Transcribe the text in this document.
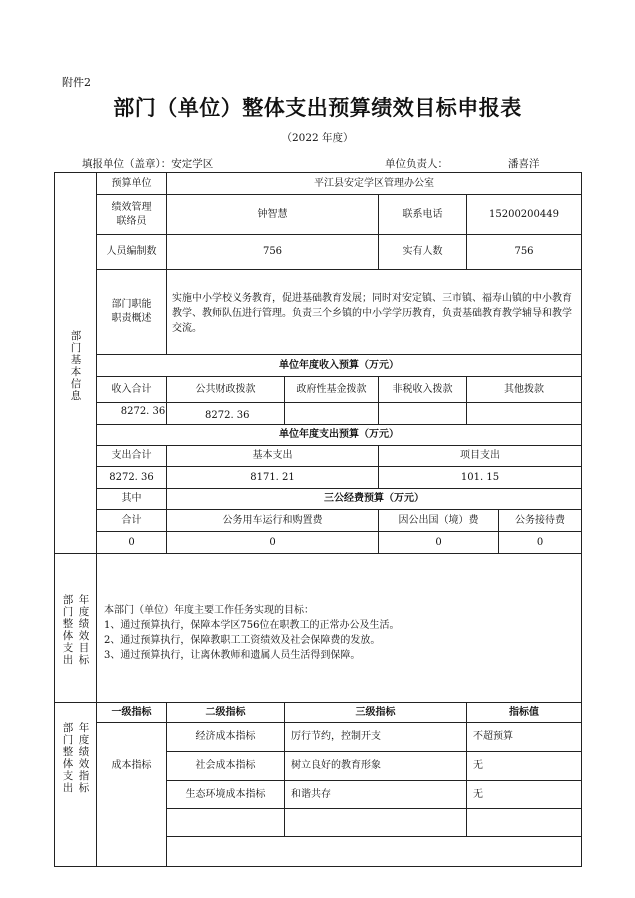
附件2
部门（单位）整体支出预算绩效目标申报表
（2022 年度）
填报单位（盖章）：安定学区	单位负责人：	潘喜洋
部门基本信息
部门整体支出
年度绩效目标
部门整体支出
年度绩效指标
预算单位	平江县安定学区管理办公室
绩效管理
联络员
钟智慧	联系电话	15200200449
人员编制数	756	实有人数	756
部门职能
职责概述
实施中小学校义务教育，促进基础教育发展；同时对安定镇、三市镇、福寿山镇的中小教育教学、教师队伍进行管理。负责三个乡镇的中小学学历教育，负责基础教育教学辅导和教学交流。
单位年度收入预算（万元）
收入合计	公共财政拨款	政府性基金拨款	非税收入拨款	其他拨款
8272. 36	8272. 36
单位年度支出预算（万元）
支出合计	基本支出	项目支出
8272. 36	8171. 21	101. 15
其中	三公经费预算（万元）
合计	公务用车运行和购置费	因公出国（境）费	公务接待费
0	0	0	0
本部门（单位）年度主要工作任务实现的目标：
1、通过预算执行，保障本学区756位在职教工的正常办公及生活。
2、通过预算执行，保障教职工工资绩效及社会保障费的发放。
3、通过预算执行，让离休教师和遗属人员生活得到保障。
一级指标	二级指标	三级指标	指标值
成本指标
经济成本指标	厉行节约，控制开支	不超预算
社会成本指标	树立良好的教育形象	无
生态环境成本指标	和谐共存	无
